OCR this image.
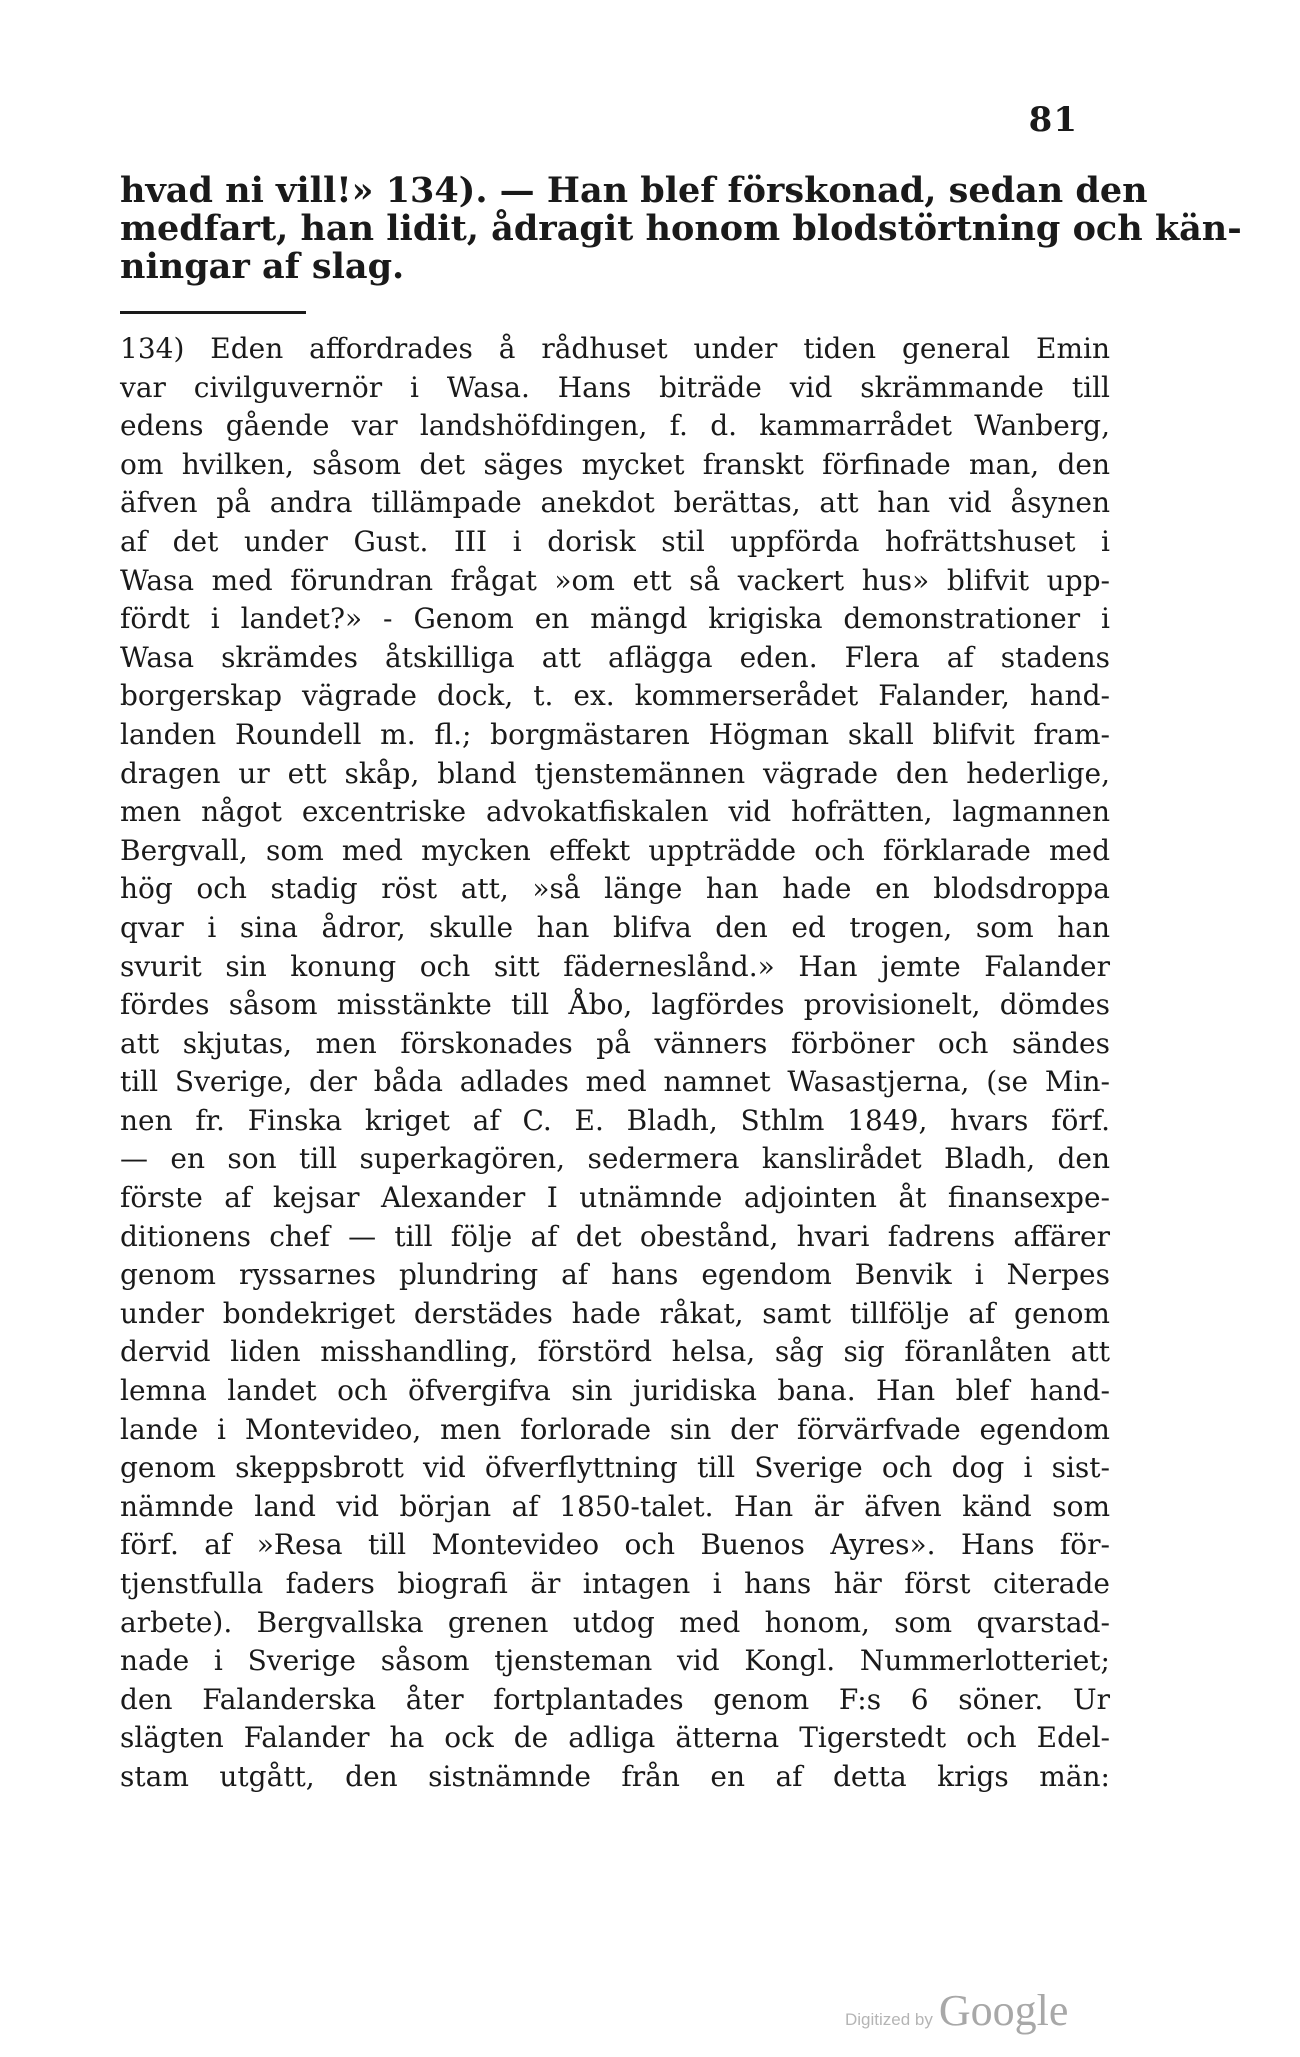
81
hvad ni vill!» 134). — Han blef förskonad, sedan den
medfart, han lidit, ådragit honom blodstörtning och kän-
ningar af slag.
134) Eden affordrades å rådhuset under tiden general Emin
var civilguvernör i Wasa. Hans biträde vid skrämmande till
edens gående var landshöfdingen, f. d. kammarrådet Wanberg,
om hvilken, såsom det säges mycket franskt förfinade man, den
äfven på andra tillämpade anekdot berättas, att han vid åsynen
af det under Gust. III i dorisk stil uppförda hofrättshuset i
Wasa med förundran frågat »om ett så vackert hus» blifvit upp-
fördt i landet?» - Genom en mängd krigiska demonstrationer i
Wasa skrämdes åtskilliga att aflägga eden. Flera af stadens
borgerskap vägrade dock, t. ex. kommerserådet Falander, hand-
landen Roundell m. fl.; borgmästaren Högman skall blifvit fram-
dragen ur ett skåp, bland tjenstemännen vägrade den hederlige,
men något excentriske advokatfiskalen vid hofrätten, lagmannen
Bergvall, som med mycken effekt uppträdde och förklarade med
hög och stadig röst att, »så länge han hade en blodsdroppa
qvar i sina ådror, skulle han blifva den ed trogen, som han
svurit sin konung och sitt fäderneslånd.» Han jemte Falander
fördes såsom misstänkte till Åbo, lagfördes provisionelt, dömdes
att skjutas, men förskonades på vänners förböner och sändes
till Sverige, der båda adlades med namnet Wasastjerna, (se Min-
nen fr. Finska kriget af C. E. Bladh, Sthlm 1849, hvars förf.
— en son till superkagören, sedermera kanslirådet Bladh, den
förste af kejsar Alexander I utnämnde adjointen åt finansexpe-
ditionens chef — till följe af det obestånd, hvari fadrens affärer
genom ryssarnes plundring af hans egendom Benvik i Nerpes
under bondekriget derstädes hade råkat, samt tillfölje af genom
dervid liden misshandling, förstörd helsa, såg sig föranlåten att
lemna landet och öfvergifva sin juridiska bana. Han blef hand-
lande i Montevideo, men forlorade sin der förvärfvade egendom
genom skeppsbrott vid öfverflyttning till Sverige och dog i sist-
nämnde land vid början af 1850-talet. Han är äfven känd som
förf. af »Resa till Montevideo och Buenos Ayres». Hans för-
tjenstfulla faders biografi är intagen i hans här först citerade
arbete). Bergvallska grenen utdog med honom, som qvarstad-
nade i Sverige såsom tjensteman vid Kongl. Nummerlotteriet;
den Falanderska åter fortplantades genom F:s 6 söner. Ur
slägten Falander ha ock de adliga ätterna Tigerstedt och Edel-
stam utgått, den sistnämnde från en af detta krigs män:
Digitized by Google
